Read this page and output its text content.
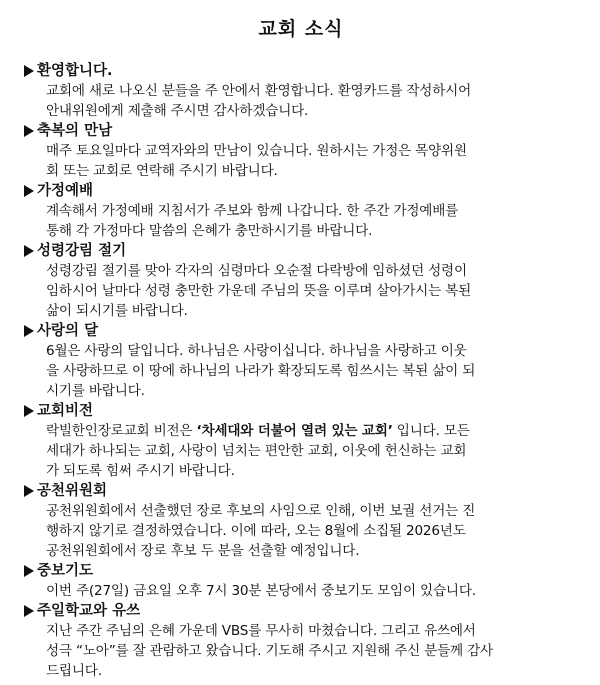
교회 소식
환영합니다.
교회에 새로 나오신 분들을 주 안에서 환영합니다. 환영카드를 작성하시어
안내위원에게 제출해 주시면 감사하겠습니다.
축복의 만남
매주 토요일마다 교역자와의 만남이 있습니다. 원하시는 가정은 목양위원
회 또는 교회로 연락해 주시기 바랍니다.
가정예배
계속해서 가정예배 지침서가 주보와 함께 나갑니다. 한 주간 가정예배를
통해 각 가정마다 말씀의 은혜가 충만하시기를 바랍니다.
성령강림 절기
성령강림 절기를 맞아 각자의 심령마다 오순절 다락방에 임하셨던 성령이
임하시어 날마다 성령 충만한 가운데 주님의 뜻을 이루며 살아가시는 복된
삶이 되시기를 바랍니다.
사랑의 달
6월은 사랑의 달입니다. 하나님은 사랑이십니다. 하나님을 사랑하고 이웃
을 사랑하므로 이 땅에 하나님의 나라가 확장되도록 힘쓰시는 복된 삶이 되
시기를 바랍니다.
교회비전
락빌한인장로교회 비전은 ‘차세대와 더불어 열려 있는 교회’ 입니다. 모든
세대가 하나되는 교회, 사랑이 넘치는 편안한 교회, 이웃에 헌신하는 교회
가 되도록 힘써 주시기 바랍니다.
공천위원회
공천위원회에서 선출했던 장로 후보의 사임으로 인해, 이번 보궐 선거는 진
행하지 않기로 결정하였습니다. 이에 따라, 오는 8월에 소집될 2026년도
공천위원회에서 장로 후보 두 분을 선출할 예정입니다.
중보기도
이번 주(27일) 금요일 오후 7시 30분 본당에서 중보기도 모임이 있습니다.
주일학교와 유쓰
지난 주간 주님의 은혜 가운데 VBS를 무사히 마쳤습니다. 그리고 유쓰에서
성극 “노아”를 잘 관람하고 왔습니다. 기도해 주시고 지원해 주신 분들께 감사
드립니다.
